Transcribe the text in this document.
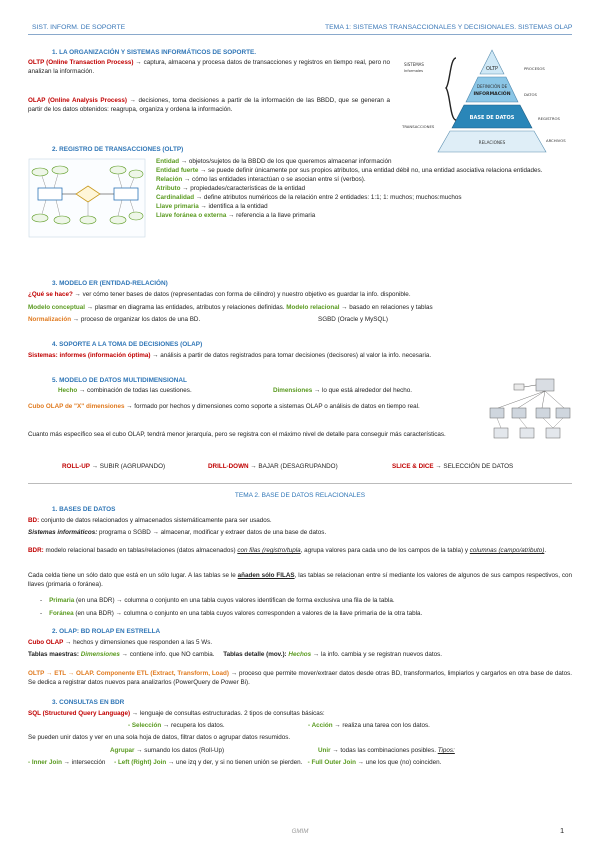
SIST. INFORM. DE SOPORTE	TEMA 1: SISTEMAS TRANSACCIONALES Y DECISIONALES. SISTEMAS OLAP
1. LA ORGANIZACIÓN Y SISTEMAS INFORMÁTICOS DE SOPORTE.

OLTP (Online Transaction Process) → captura, almacena y procesa datos de transacciones y registros en tiempo real, pero no analizan la información.

OLAP (Online Analysis Process) → decisiones, toma decisiones a partir de la información de las BBDD, que se generan a partir de los datos obtenidos: reagrupa, organiza y ordena la información.

OLTP
DEFINICIÓN DE
INFORMACIÓN
BASE DE DATOS
RELACIONES
SISTEMAS
Informales
TRANSACCIONES
PROCESOS
DATOS
REGISTROS
ARCHIVOS
2. REGISTRO DE TRANSACCIONES (OLTP)

Entidad → objetos/sujetos de la BBDD de los que queremos almacenar información

Entidad fuerte → se puede definir únicamente por sus propios atributos, una entidad débil no, una entidad asociativa relaciona entidades.

Relación → cómo las entidades interactúan o se asocian entre sí (verbos).

Atributo → propiedades/características de la entidad

Cardinalidad → define atributos numéricos de la relación entre 2 entidades: 1:1; 1: muchos; muchos:muchos

Llave primaria → identifica a la entidad

Llave foránea o externa → referencia a la llave primaria

3. MODELO ER (ENTIDAD-RELACIÓN)

¿Qué se hace? → ver cómo tener bases de datos (representadas con forma de cilindro) y nuestro objetivo es guardar la info. disponible.

Modelo conceptual → plasmar en diagrama las entidades, atributos y relaciones definidas. Modelo relacional → basado en relaciones y tablas

Normalización → proceso de organizar los datos de una BD.	SGBD (Oracle y MySQL)
4. SOPORTE A LA TOMA DE DECISIONES (OLAP)

Sistemas: informes (información óptima) → análisis a partir de datos registrados para tomar decisiones (decisores) al valor la info. necesaria.

5. MODELO DE DATOS MULTIDIMENSIONAL
Hecho → combinación de todas las cuestiones.	Dimensiones → lo que está alrededor del hecho.

Cubo OLAP de "X" dimensiones → formado por hechos y dimensiones como soporte a sistemas OLAP o análisis de datos en tiempo real.

Cuanto más específico sea el cubo OLAP, tendrá menor jerarquía, pero se registra con el máximo nivel de detalle para conseguir más características.

ROLL-UP → SUBIR (AGRUPANDO)	DRILL-DOWN → BAJAR (DESAGRUPANDO)	SLICE & DICE → SELECCIÓN DE DATOS
TEMA 2. BASE DE DATOS RELACIONALES
1. BASES DE DATOS

BD: conjunto de datos relacionados y almacenados sistemáticamente para ser usados.

Sistemas informáticos: programa o SGBD → almacenar, modificar y extraer datos de una base de datos.

BDR: modelo relacional basado en tablas/relaciones (datos almacenados) con filas (registro/tupla, agrupa valores para cada uno de los campos de la tabla) y columnas (campo/atributo).

Cada celda tiene un sólo dato que está en un sólo lugar. A las tablas se le añaden sólo FILAS, las tablas se relacionan entre sí mediante los valores de algunos de sus campos respectivos, con llaves (primaria o foránea).

-    Primaria (en una BDR) → columna o conjunto en una tabla cuyos valores identifican de forma exclusiva una fila de la tabla.

-    Foránea (en una BDR) → columna o conjunto en una tabla cuyos valores corresponden a valores de la llave primaria de la otra tabla.

2. OLAP: BD ROLAP EN ESTRELLA

Cubo OLAP → hechos y dimensiones que responden a las 5 Ws.

Tablas maestras: Dimensiones → contiene info. que NO cambia. Tablas detalle (mov.): Hechos → la info. cambia y se registran nuevos datos.

OLTP → ETL → OLAP. Componente ETL (Extract, Transform, Load) → proceso que permite mover/extraer datos desde otras BD, transformarlos, limpiarlos y cargarlos en otra base de datos. Se dedica a registrar datos nuevos para analizarlos (PowerQuery de Power Bi).

3. CONSULTAS EN BDR

SQL (Structured Query Language) → lenguaje de consultas estructuradas. 2 tipos de consultas básicas:

- Selección → recupera los datos.	- Acción → realiza una tarea con los datos.

Se pueden unir datos y ver en una sola hoja de datos, filtrar datos o agrupar datos resumidos.

Agrupar → sumando los datos (Roll-Up)	Unir → todas las combinaciones posibles. Tipos:

- Inner Join → intersección - Left (Right) Join → une izq y der, y si no tienen unión se pierden. - Full Outer Join → une los que (no) coinciden.

GMIM	1
